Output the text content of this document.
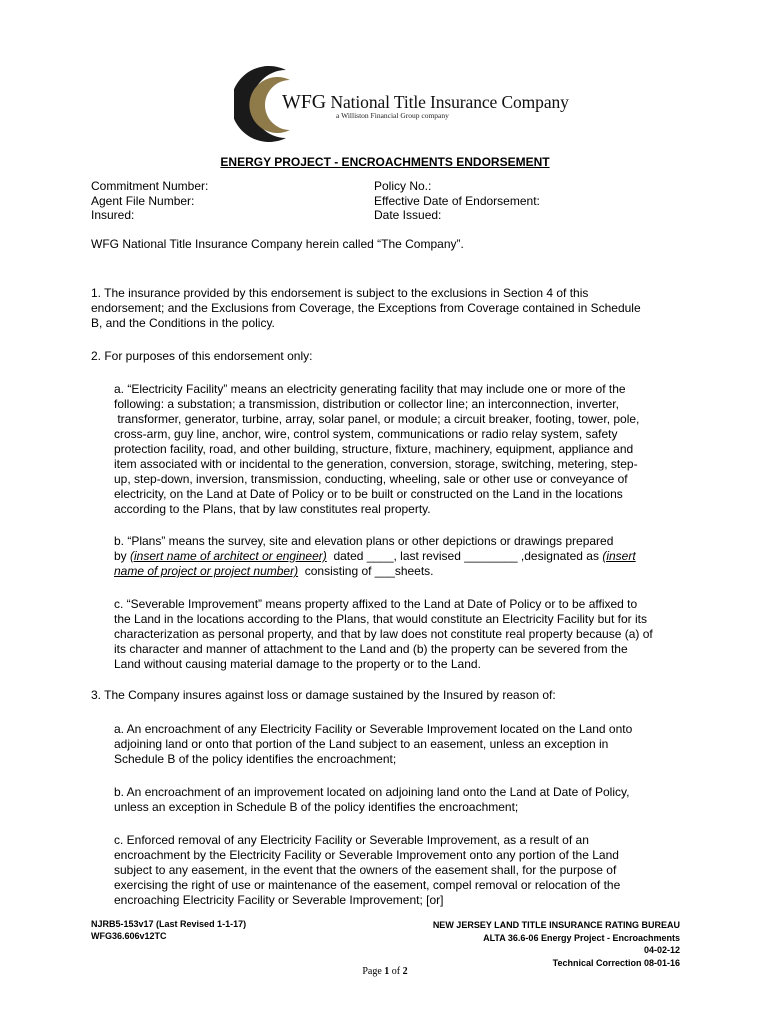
WFG National Title Insurance Company
a Williston Financial Group company
ENERGY PROJECT - ENCROACHMENTS ENDORSEMENT
Commitment Number:
Agent File Number:
Insured:
Policy No.:
Effective Date of Endorsement:
Date Issued:

WFG National Title Insurance Company herein called “The Company”.

1. The insurance provided by this endorsement is subject to the exclusions in Section 4 of this
endorsement; and the Exclusions from Coverage, the Exceptions from Coverage contained in Schedule
B, and the Conditions in the policy.

2. For purposes of this endorsement only:

a. “Electricity Facility” means an electricity generating facility that may include one or more of the
following: a substation; a transmission, distribution or collector line; an interconnection, inverter,
transformer, generator, turbine, array, solar panel, or module; a circuit breaker, footing, tower, pole,
cross-arm, guy line, anchor, wire, control system, communications or radio relay system, safety
protection facility, road, and other building, structure, fixture, machinery, equipment, appliance and
item associated with or incidental to the generation, conversion, storage, switching, metering, step-
up, step-down, inversion, transmission, conducting, wheeling, sale or other use or conveyance of
electricity, on the Land at Date of Policy or to be built or constructed on the Land in the locations
according to the Plans, that by law constitutes real property.

b. “Plans” means the survey, site and elevation plans or other depictions or drawings prepared
by (insert name of architect or engineer)  dated ____, last revised ________ ,designated as (insert
name of project or project number)  consisting of ___sheets.

c. “Severable Improvement” means property affixed to the Land at Date of Policy or to be affixed to
the Land in the locations according to the Plans, that would constitute an Electricity Facility but for its
characterization as personal property, and that by law does not constitute real property because (a) of
its character and manner of attachment to the Land and (b) the property can be severed from the
Land without causing material damage to the property or to the Land.

3. The Company insures against loss or damage sustained by the Insured by reason of:

a. An encroachment of any Electricity Facility or Severable Improvement located on the Land onto
adjoining land or onto that portion of the Land subject to an easement, unless an exception in
Schedule B of the policy identifies the encroachment;

b. An encroachment of an improvement located on adjoining land onto the Land at Date of Policy,
unless an exception in Schedule B of the policy identifies the encroachment;

c. Enforced removal of any Electricity Facility or Severable Improvement, as a result of an
encroachment by the Electricity Facility or Severable Improvement onto any portion of the Land
subject to any easement, in the event that the owners of the easement shall, for the purpose of
exercising the right of use or maintenance of the easement, compel removal or relocation of the
encroaching Electricity Facility or Severable Improvement; [or]

NJRB5-153v17 (Last Revised 1-1-17)
WFG36.606v12TC
NEW JERSEY LAND TITLE INSURANCE RATING BUREAU
ALTA 36.6-06 Energy Project - Encroachments
04-02-12
Technical Correction 08-01-16
Page 1 of 2
